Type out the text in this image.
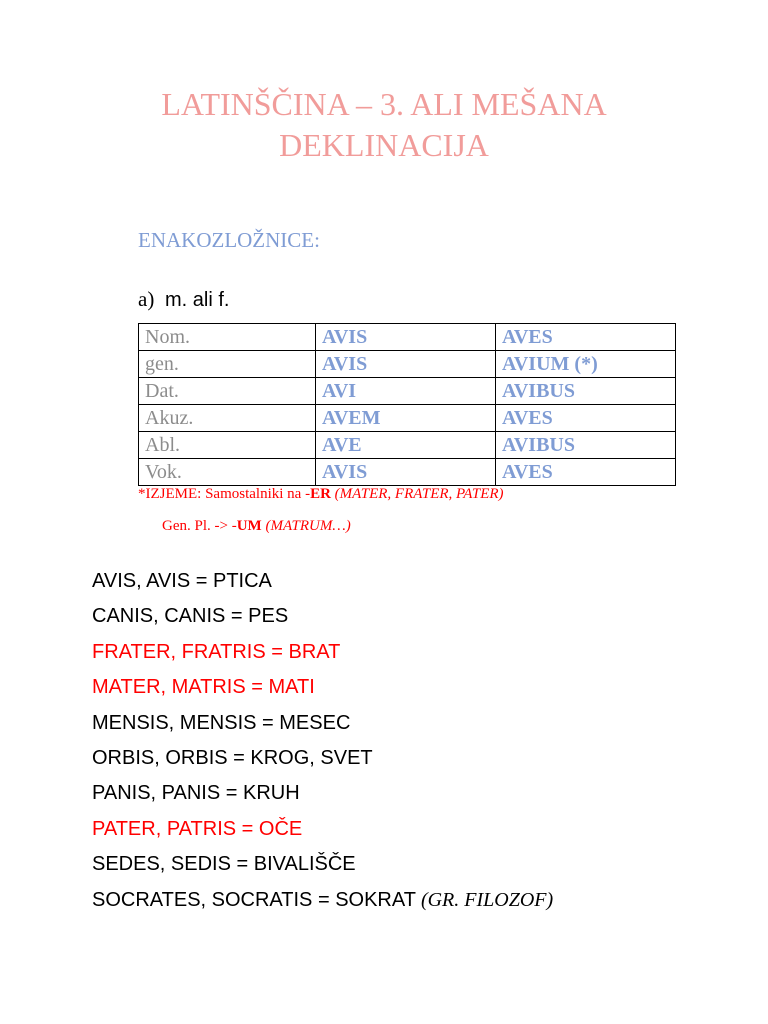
LATINŠČINA – 3. ALI MEŠANA
DEKLINACIJA
ENAKOZLOŽNICE:
a) m. ali f.
Nom.	AVIS	AVES
gen.	AVIS	AVIUM (*)
Dat.	AVI	AVIBUS
Akuz.	AVEM	AVES
Abl.	AVE	AVIBUS
Vok.	AVIS	AVES
*IZJEME: Samostalniki na -ER (MATER, FRATER, PATER)
Gen. Pl. -> -UM (MATRUM…)
AVIS, AVIS = PTICA
CANIS, CANIS = PES
FRATER, FRATRIS = BRAT
MATER, MATRIS = MATI
MENSIS, MENSIS = MESEC
ORBIS, ORBIS = KROG, SVET
PANIS, PANIS = KRUH
PATER, PATRIS = OČE
SEDES, SEDIS = BIVALIŠČE
SOCRATES, SOCRATIS = SOKRAT (GR. FILOZOF)
